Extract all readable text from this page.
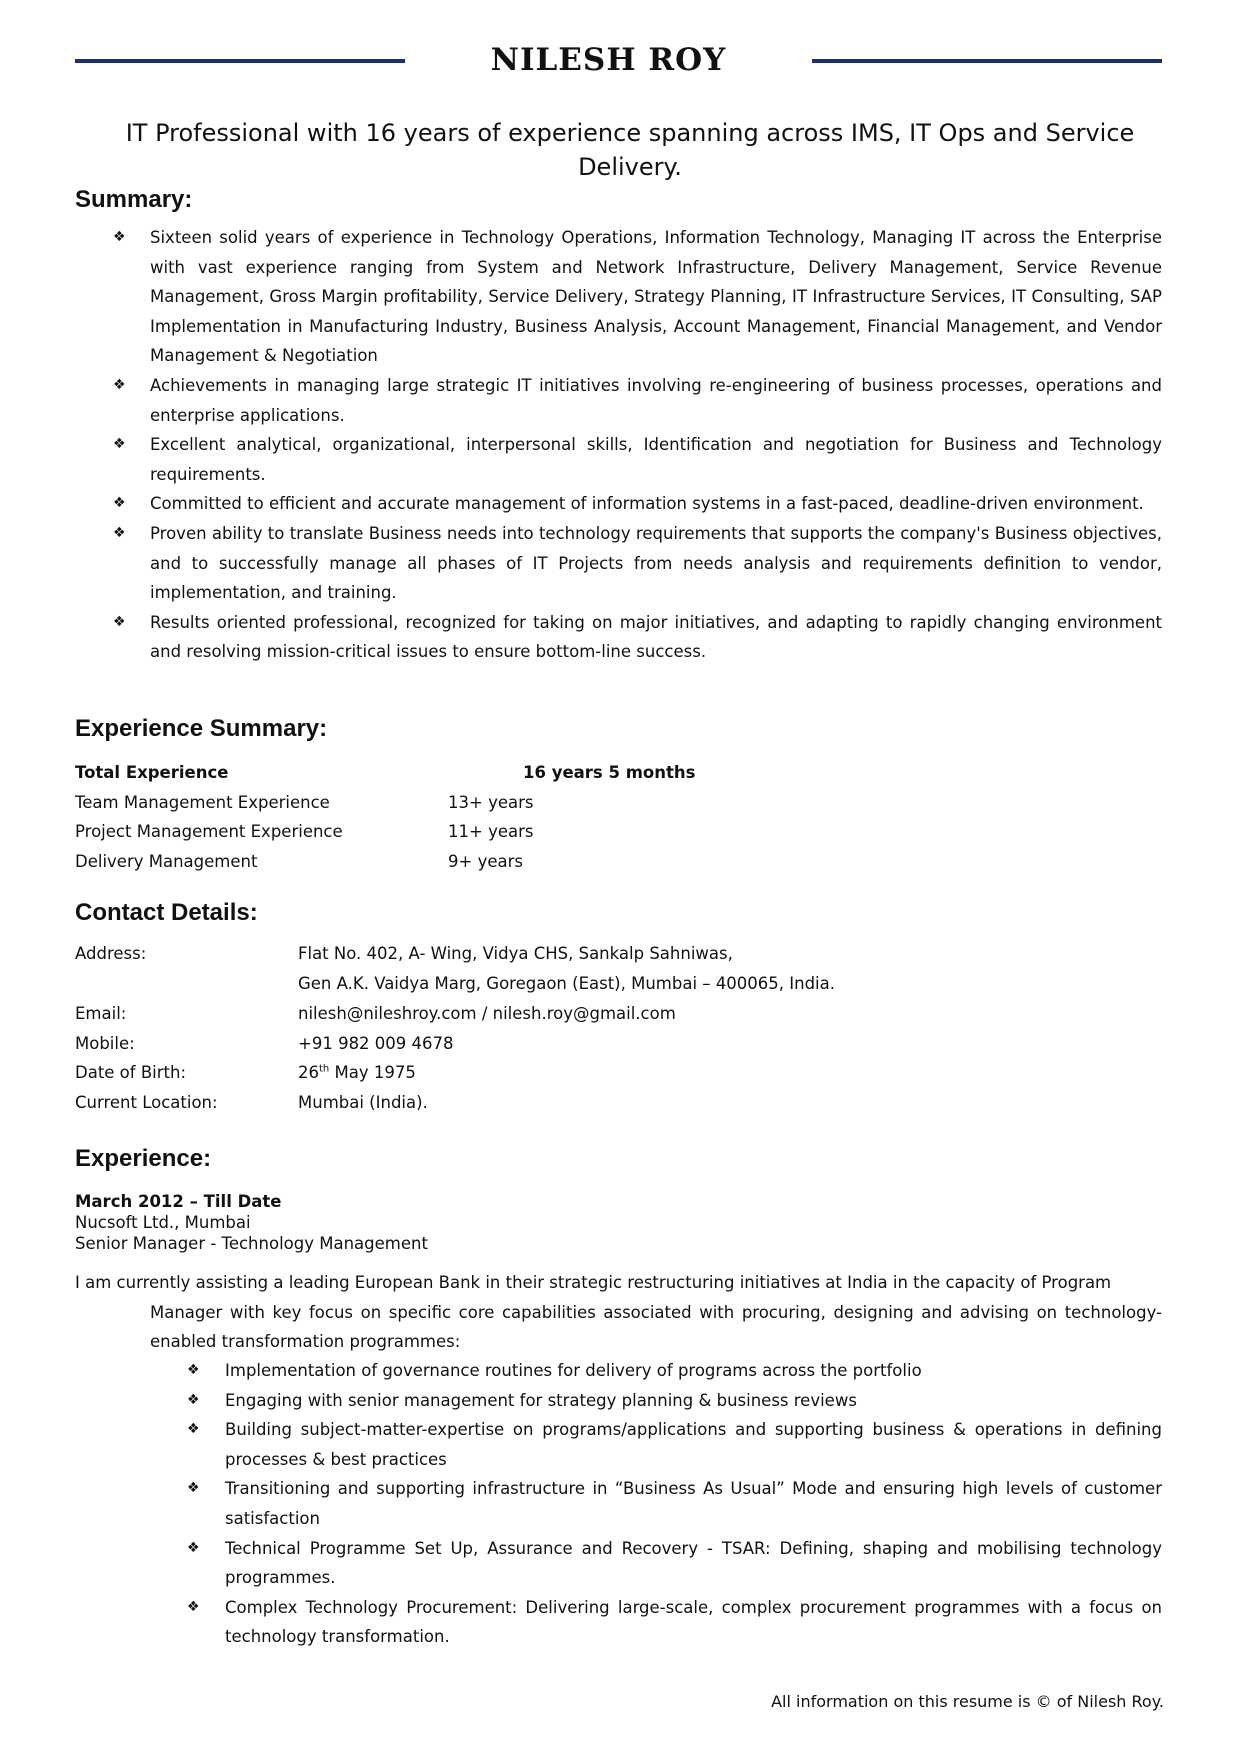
NILESH ROY
IT Professional with 16 years of experience spanning across IMS, IT Ops and Service Delivery.
Summary:
❖ Sixteen solid years of experience in Technology Operations, Information Technology, Managing IT across the Enterprise with vast experience ranging from System and Network Infrastructure, Delivery Management, Service Revenue Management, Gross Margin profitability, Service Delivery, Strategy Planning, IT Infrastructure Services, IT Consulting, SAP Implementation in Manufacturing Industry, Business Analysis, Account Management, Financial Management, and Vendor Management & Negotiation
❖ Achievements in managing large strategic IT initiatives involving re-engineering of business processes, operations and enterprise applications.
❖ Excellent analytical, organizational, interpersonal skills, Identification and negotiation for Business and Technology requirements.
❖ Committed to efficient and accurate management of information systems in a fast-paced, deadline-driven environment.
❖ Proven ability to translate Business needs into technology requirements that supports the company's Business objectives, and to successfully manage all phases of IT Projects from needs analysis and requirements definition to vendor, implementation, and training.
❖ Results oriented professional, recognized for taking on major initiatives, and adapting to rapidly changing environment and resolving mission-critical issues to ensure bottom-line success.
Experience Summary:
Total Experience	16 years 5 months
Team Management Experience	13+ years
Project Management Experience	11+ years
Delivery Management	9+ years
Contact Details:
Address:	Flat No. 402, A- Wing, Vidya CHS, Sankalp Sahniwas,
Gen A.K. Vaidya Marg, Goregaon (East), Mumbai – 400065, India.
Email:	nilesh@nileshroy.com / nilesh.roy@gmail.com
Mobile:	+91 982 009 4678
Date of Birth:	26th May 1975
Current Location:	Mumbai (India).
Experience:
March 2012 – Till Date
Nucsoft Ltd., Mumbai
Senior Manager - Technology Management
I am currently assisting a leading European Bank in their strategic restructuring initiatives at India in the capacity of Program
Manager with key focus on specific core capabilities associated with procuring, designing and advising on technology-enabled transformation programmes:
❖ Implementation of governance routines for delivery of programs across the portfolio
❖ Engaging with senior management for strategy planning & business reviews
❖ Building subject-matter-expertise on programs/applications and supporting business & operations in defining processes & best practices
❖ Transitioning and supporting infrastructure in “Business As Usual” Mode and ensuring high levels of customer satisfaction
❖ Technical Programme Set Up, Assurance and Recovery - TSAR: Defining, shaping and mobilising technology programmes.
❖ Complex Technology Procurement: Delivering large-scale, complex procurement programmes with a focus on technology transformation.
All information on this resume is © of Nilesh Roy.
